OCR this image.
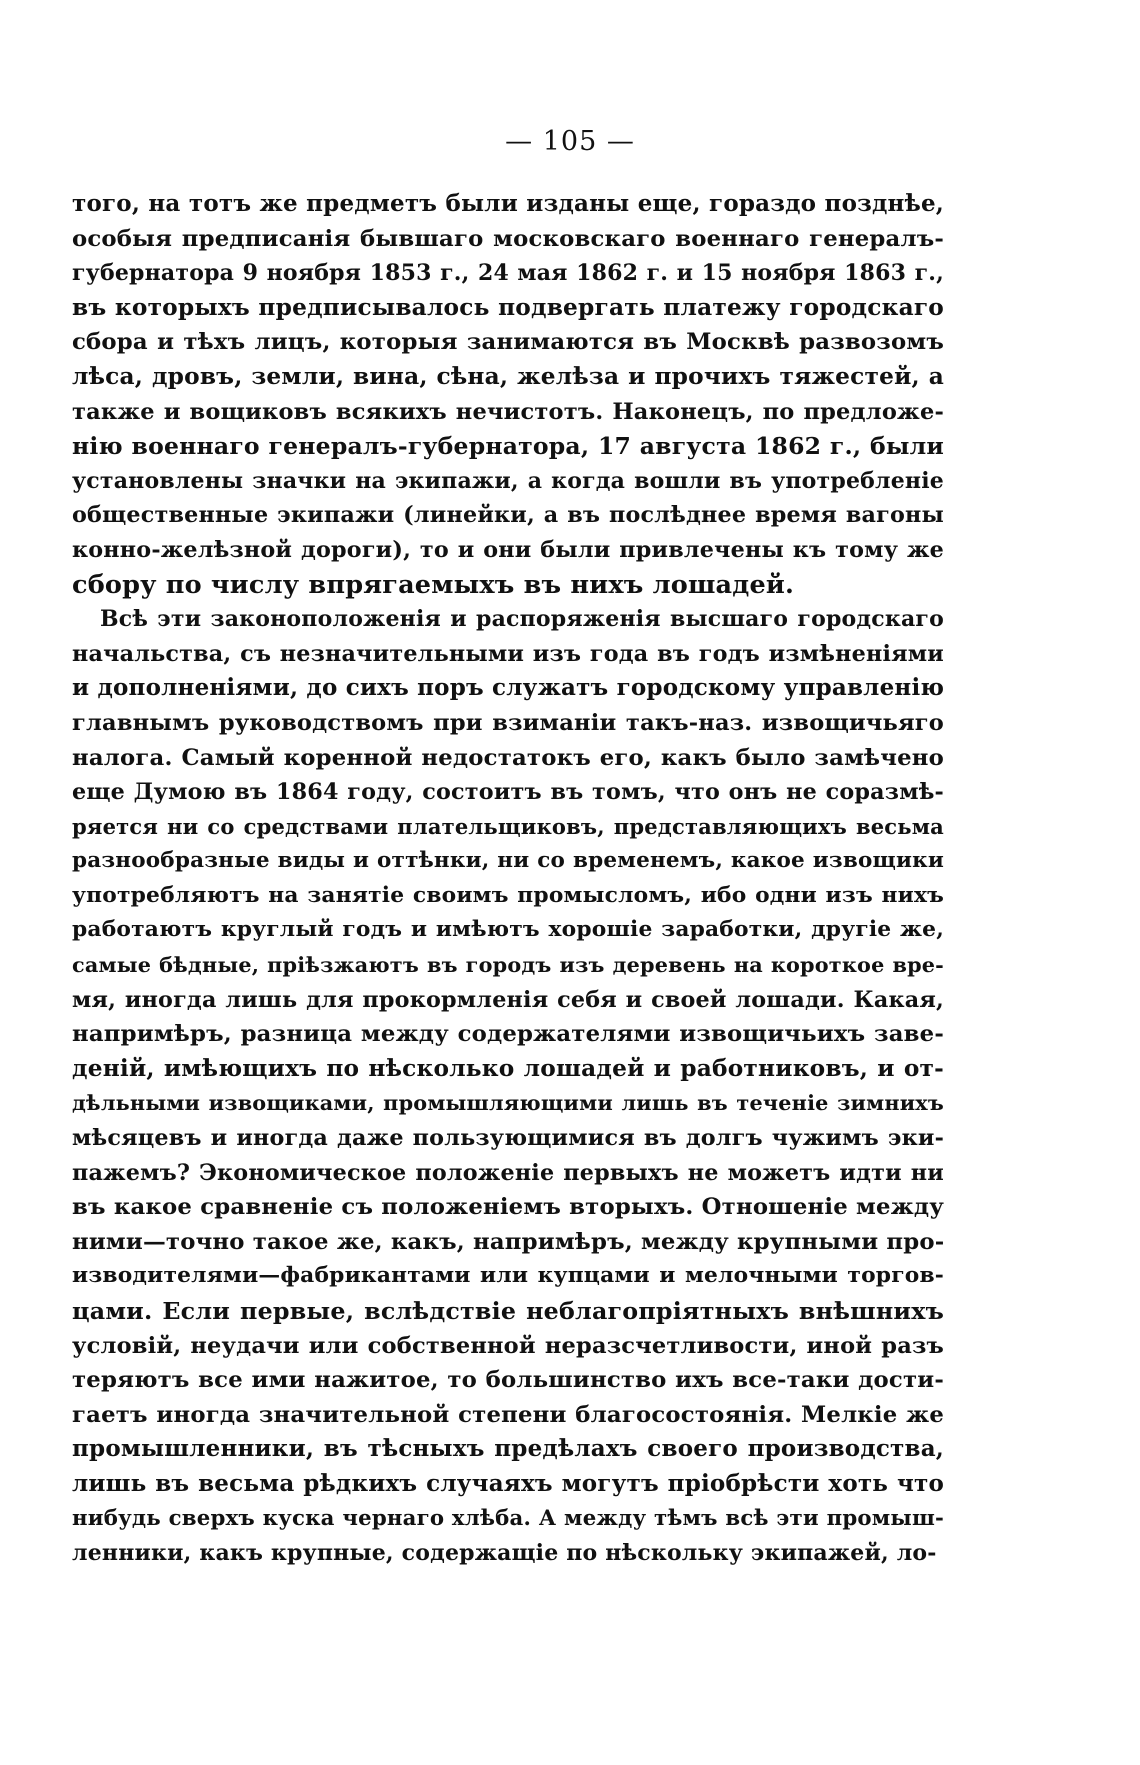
— 105 —
того, на тотъ же предметъ были изданы еще, гораздо позднѣе,
особыя предписанія бывшаго московскаго военнаго генералъ-
губернатора 9 ноября 1853 г., 24 мая 1862 г. и 15 ноября 1863 г.,
въ которыхъ предписывалось подвергать платежу городскаго
сбора и тѣхъ лицъ, которыя занимаются въ Москвѣ развозомъ
лѣса, дровъ, земли, вина, сѣна, желѣза и прочихъ тяжестей, а
также и вощиковъ всякихъ нечистотъ. Наконецъ, по предложе-
нію военнаго генералъ-губернатора, 17 августа 1862 г., были
установлены значки на экипажи, а когда вошли въ употребленіе
общественные экипажи (линейки, а въ послѣднее время вагоны
конно-желѣзной дороги), то и они были привлечены къ тому же
сбору по числу впрягаемыхъ въ нихъ лошадей.
Всѣ эти законоположенія и распоряженія высшаго городскаго
начальства, съ незначительными изъ года въ годъ измѣненіями
и дополненіями, до сихъ поръ служатъ городскому управленію
главнымъ руководствомъ при взиманіи такъ-наз. извощичьяго
налога. Самый коренной недостатокъ его, какъ было замѣчено
еще Думою въ 1864 году, состоитъ въ томъ, что онъ не соразмѣ-
ряется ни со средствами плательщиковъ, представляющихъ весьма
разнообразные виды и оттѣнки, ни со временемъ, какое извощики
употребляютъ на занятіе своимъ промысломъ, ибо одни изъ нихъ
работаютъ круглый годъ и имѣютъ хорошіе заработки, другіе же,
самые бѣдные, пріѣзжаютъ въ городъ изъ деревень на короткое вре-
мя, иногда лишь для прокормленія себя и своей лошади. Какая,
напримѣръ, разница между содержателями извощичьихъ заве-
деній, имѣющихъ по нѣсколько лошадей и работниковъ, и от-
дѣльными извощиками, промышляющими лишь въ теченіе зимнихъ
мѣсяцевъ и иногда даже пользующимися въ долгъ чужимъ эки-
пажемъ? Экономическое положеніе первыхъ не можетъ идти ни
въ какое сравненіе съ положеніемъ вторыхъ. Отношеніе между
ними—точно такое же, какъ, напримѣръ, между крупными про-
изводителями—фабрикантами или купцами и мелочными торгов-
цами. Если первые, вслѣдствіе неблагопріятныхъ внѣшнихъ
условій, неудачи или собственной неразсчетливости, иной разъ
теряютъ все ими нажитое, то большинство ихъ все-таки дости-
гаетъ иногда значительной степени благосостоянія. Мелкіе же
промышленники, въ тѣсныхъ предѣлахъ своего производства,
лишь въ весьма рѣдкихъ случаяхъ могутъ пріобрѣсти хоть что
нибудь сверхъ куска чернаго хлѣба. А между тѣмъ всѣ эти промыш-
ленники, какъ крупные, содержащіе по нѣскольку экипажей, ло-
